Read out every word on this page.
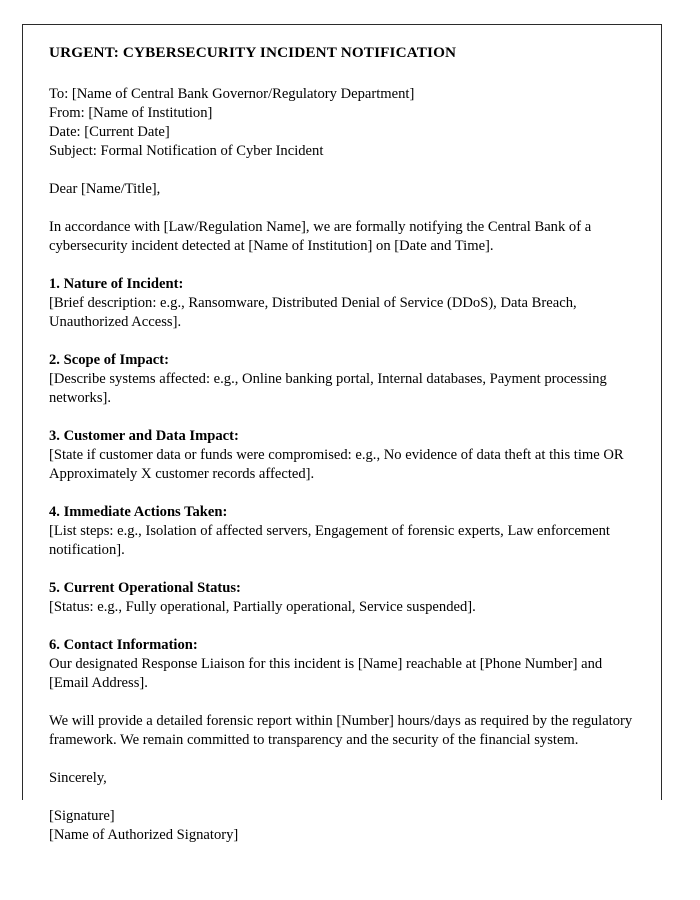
URGENT: CYBERSECURITY INCIDENT NOTIFICATION

To: [Name of Central Bank Governor/Regulatory Department]

From: [Name of Institution]

Date: [Current Date]

Subject: Formal Notification of Cyber Incident

Dear [Name/Title],

In accordance with [Law/Regulation Name], we are formally notifying the Central Bank of a cybersecurity incident detected at [Name of Institution] on [Date and Time].

1. Nature of Incident:

[Brief description: e.g., Ransomware, Distributed Denial of Service (DDoS), Data Breach, Unauthorized Access].

2. Scope of Impact:

[Describe systems affected: e.g., Online banking portal, Internal databases, Payment processing networks].

3. Customer and Data Impact:

[State if customer data or funds were compromised: e.g., No evidence of data theft at this time OR Approximately X customer records affected].

4. Immediate Actions Taken:

[List steps: e.g., Isolation of affected servers, Engagement of forensic experts, Law enforcement notification].

5. Current Operational Status:

[Status: e.g., Fully operational, Partially operational, Service suspended].

6. Contact Information:

Our designated Response Liaison for this incident is [Name] reachable at [Phone Number] and [Email Address].

We will provide a detailed forensic report within [Number] hours/days as required by the regulatory framework. We remain committed to transparency and the security of the financial system.

Sincerely,

[Signature]

[Name of Authorized Signatory]
